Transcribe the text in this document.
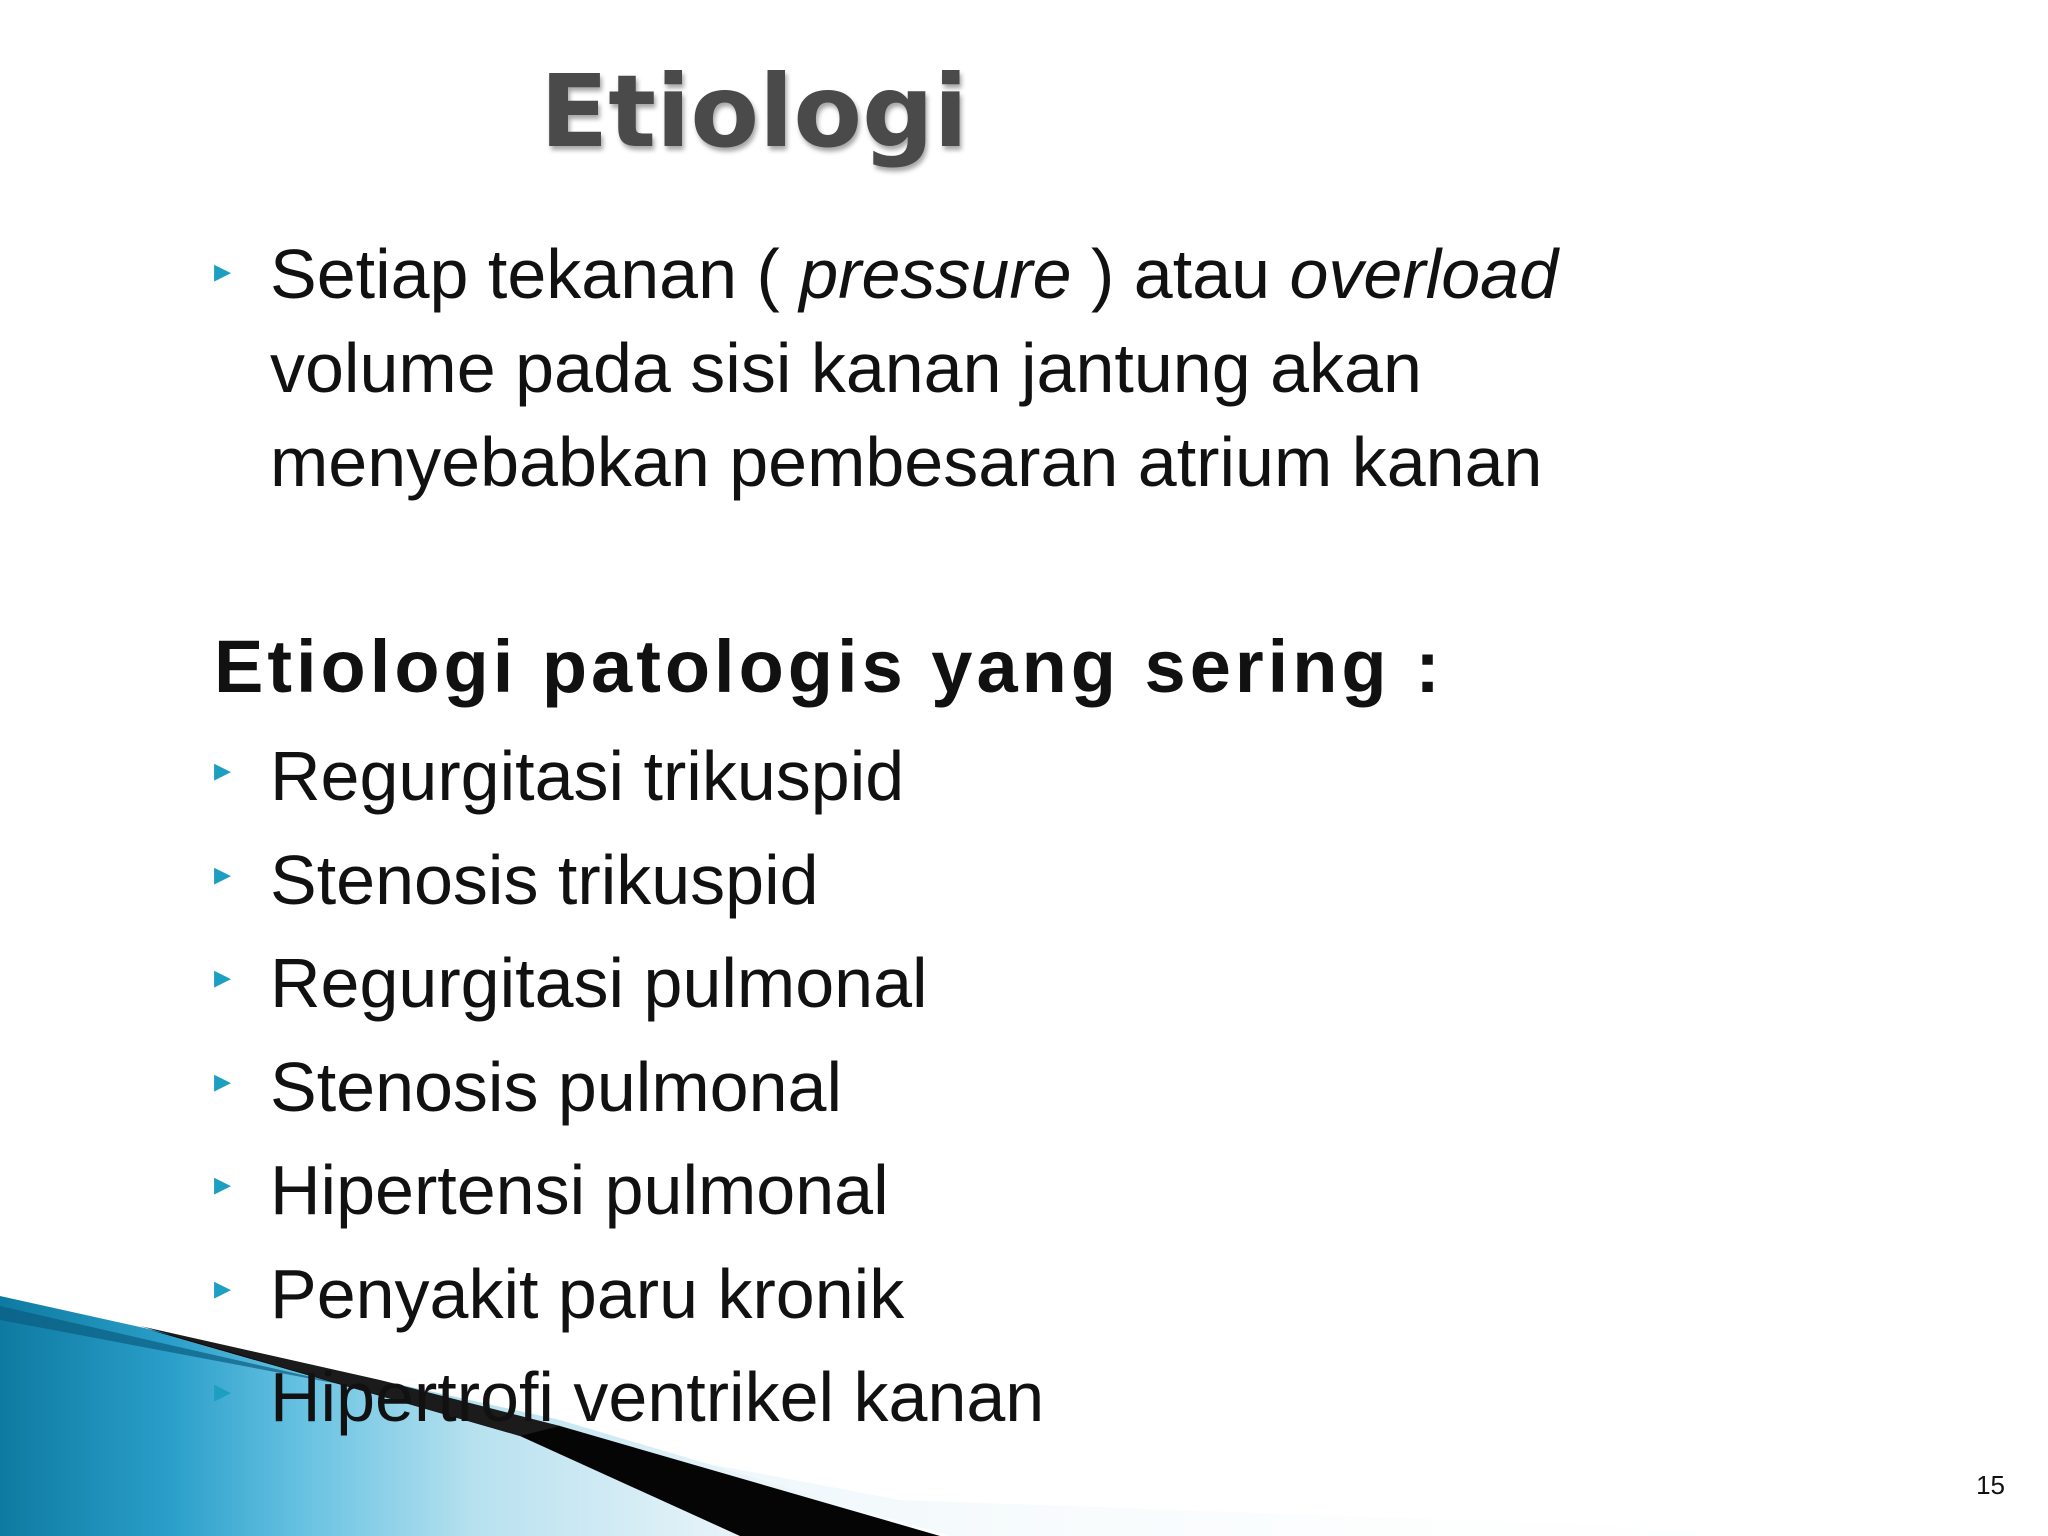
Etiologi
▸ Setiap tekanan ( pressure ) atau overload volume pada sisi kanan jantung akan menyebabkan pembesaran atrium kanan
Etiologi patologis yang sering :
▸ Regurgitasi trikuspid
▸ Stenosis trikuspid
▸ Regurgitasi pulmonal
▸ Stenosis pulmonal
▸ Hipertensi pulmonal
▸ Penyakit paru kronik
▸ Hipertrofi ventrikel kanan
15
